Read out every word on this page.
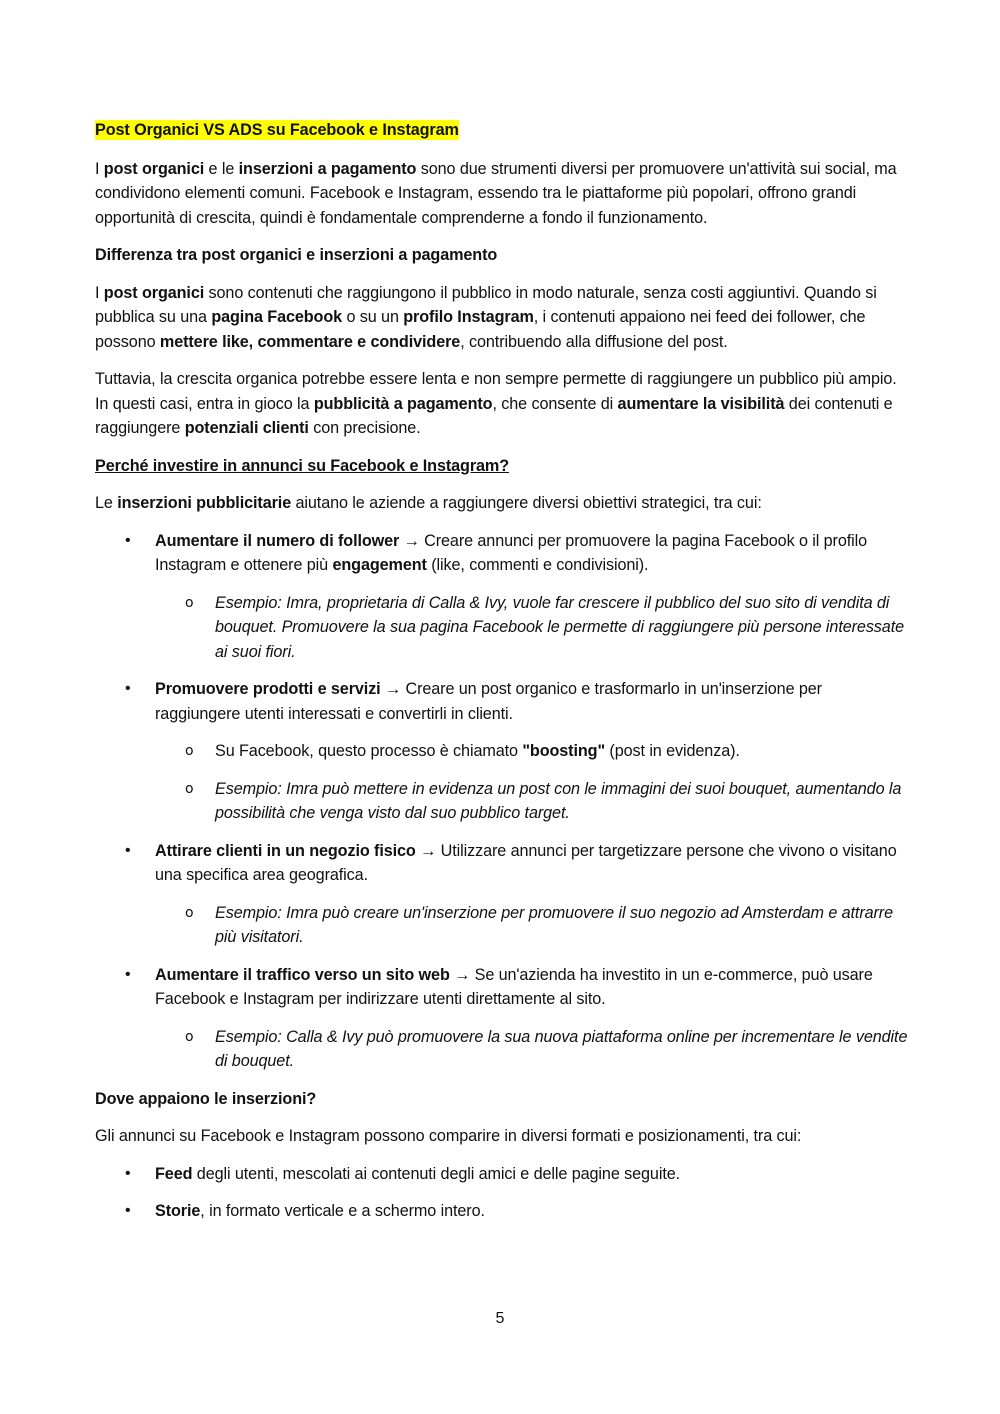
Post Organici VS ADS su Facebook e Instagram

I post organici e le inserzioni a pagamento sono due strumenti diversi per promuovere un'attività sui social, ma condividono elementi comuni. Facebook e Instagram, essendo tra le piattaforme più popolari, offrono grandi opportunità di crescita, quindi è fondamentale comprenderne a fondo il funzionamento.

Differenza tra post organici e inserzioni a pagamento

I post organici sono contenuti che raggiungono il pubblico in modo naturale, senza costi aggiuntivi. Quando si pubblica su una pagina Facebook o su un profilo Instagram, i contenuti appaiono nei feed dei follower, che possono mettere like, commentare e condividere, contribuendo alla diffusione del post.

Tuttavia, la crescita organica potrebbe essere lenta e non sempre permette di raggiungere un pubblico più ampio. In questi casi, entra in gioco la pubblicità a pagamento, che consente di aumentare la visibilità dei contenuti e raggiungere potenziali clienti con precisione.

Perché investire in annunci su Facebook e Instagram?

Le inserzioni pubblicitarie aiutano le aziende a raggiungere diversi obiettivi strategici, tra cui:

• Aumentare il numero di follower → Creare annunci per promuovere la pagina Facebook o il profilo Instagram e ottenere più engagement (like, commenti e condivisioni).
o Esempio: Imra, proprietaria di Calla & Ivy, vuole far crescere il pubblico del suo sito di vendita di bouquet. Promuovere la sua pagina Facebook le permette di raggiungere più persone interessate ai suoi fiori.
• Promuovere prodotti e servizi → Creare un post organico e trasformarlo in un'inserzione per raggiungere utenti interessati e convertirli in clienti.
o Su Facebook, questo processo è chiamato "boosting" (post in evidenza).
o Esempio: Imra può mettere in evidenza un post con le immagini dei suoi bouquet, aumentando la possibilità che venga visto dal suo pubblico target.
• Attirare clienti in un negozio fisico → Utilizzare annunci per targetizzare persone che vivono o visitano una specifica area geografica.
o Esempio: Imra può creare un'inserzione per promuovere il suo negozio ad Amsterdam e attrarre più visitatori.
• Aumentare il traffico verso un sito web → Se un'azienda ha investito in un e-commerce, può usare Facebook e Instagram per indirizzare utenti direttamente al sito.
o Esempio: Calla & Ivy può promuovere la sua nuova piattaforma online per incrementare le vendite di bouquet.

Dove appaiono le inserzioni?

Gli annunci su Facebook e Instagram possono comparire in diversi formati e posizionamenti, tra cui:

• Feed degli utenti, mescolati ai contenuti degli amici e delle pagine seguite.
• Storie, in formato verticale e a schermo intero.
5
